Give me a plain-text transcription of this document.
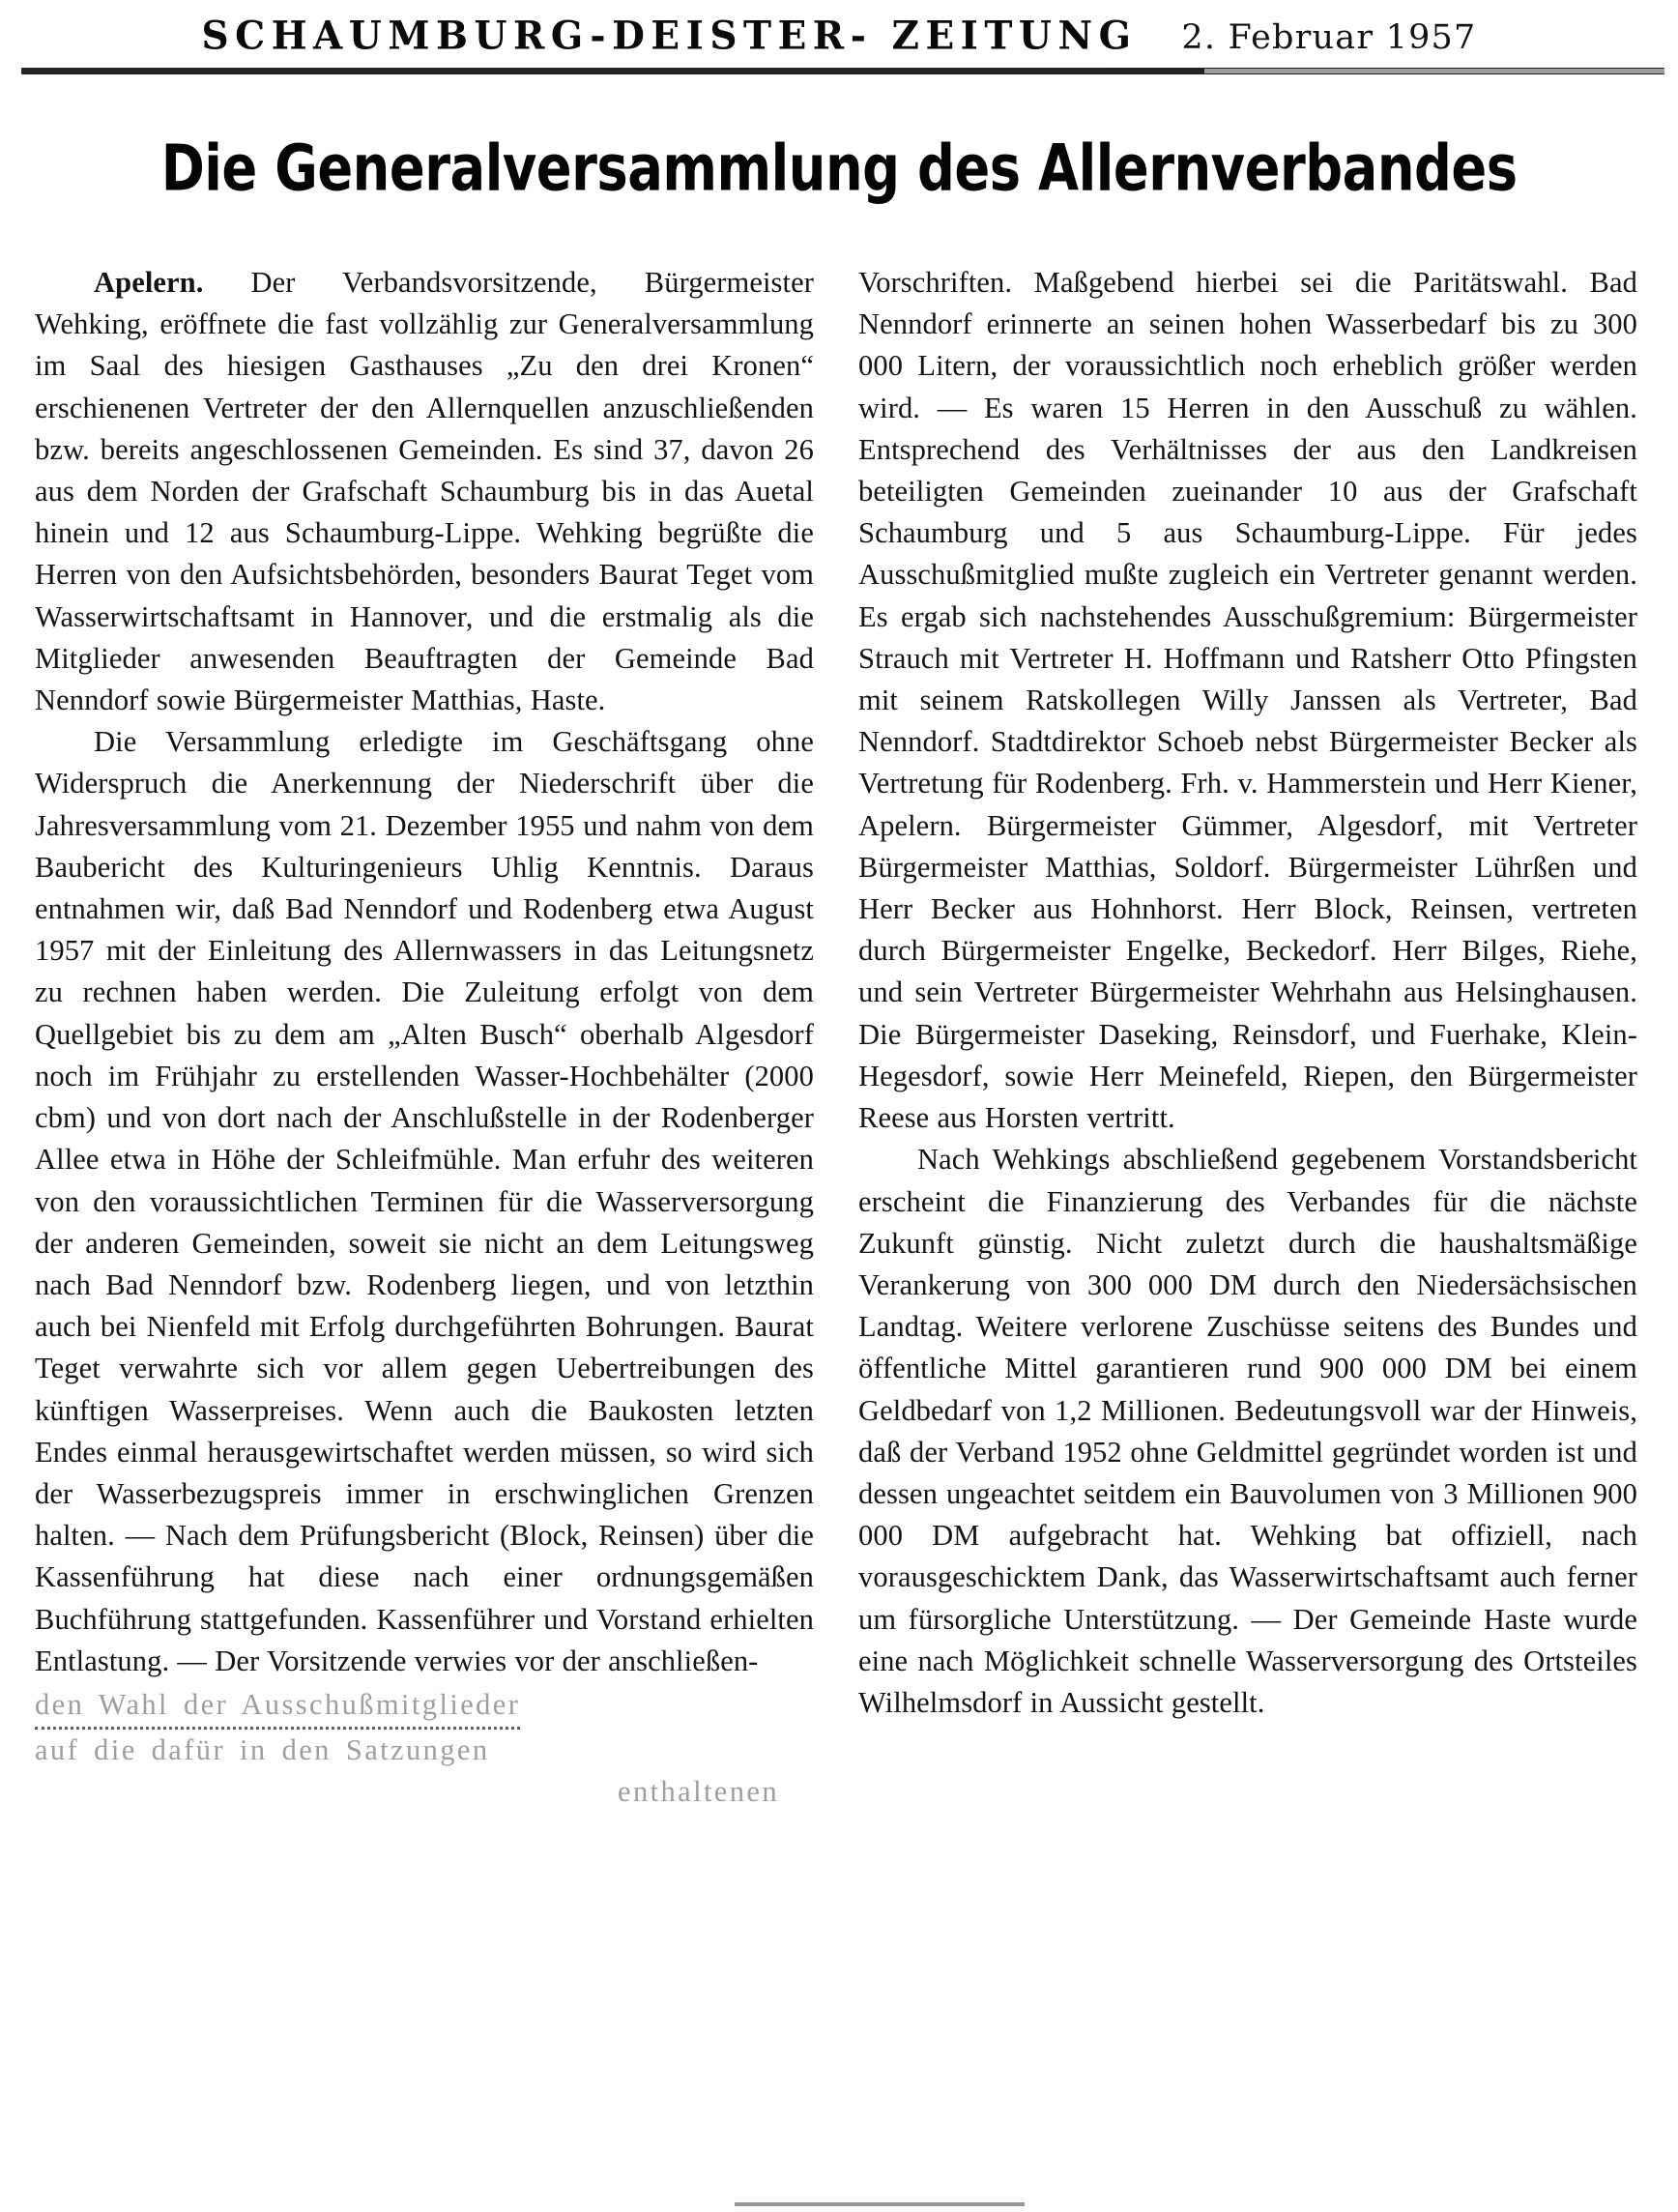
SCHAUMBURG-DEISTER- ZEITUNG 2. Februar 1957
Die Generalversammlung des Allernverbandes

Apelern. Der Verbandsvorsitzende, Bürgermeister Wehking, eröffnete die fast vollzählig zur Generalversammlung im Saal des hiesigen Gasthauses „Zu den drei Kronen“ erschienenen Vertreter der den Allernquellen anzuschließenden bzw. bereits angeschlossenen Gemeinden. Es sind 37, davon 26 aus dem Norden der Grafschaft Schaumburg bis in das Auetal hinein und 12 aus Schaumburg-Lippe. Wehking begrüßte die Herren von den Aufsichtsbehörden, besonders Baurat Teget vom Wasserwirtschaftsamt in Hannover, und die erstmalig als die Mitglieder anwesenden Beauftragten der Gemeinde Bad Nenndorf sowie Bürgermeister Matthias, Haste.

Die Versammlung erledigte im Geschäftsgang ohne Widerspruch die Anerkennung der Niederschrift über die Jahresversammlung vom 21. Dezember 1955 und nahm von dem Baubericht des Kulturingenieurs Uhlig Kenntnis. Daraus entnahmen wir, daß Bad Nenndorf und Rodenberg etwa August 1957 mit der Einleitung des Allernwassers in das Leitungsnetz zu rechnen haben werden. Die Zuleitung erfolgt von dem Quellgebiet bis zu dem am „Alten Busch“ oberhalb Algesdorf noch im Frühjahr zu erstellenden Wasser-Hochbehälter (2000 cbm) und von dort nach der Anschlußstelle in der Rodenberger Allee etwa in Höhe der Schleifmühle. Man erfuhr des weiteren von den voraussichtlichen Terminen für die Wasserversorgung der anderen Gemeinden, soweit sie nicht an dem Leitungsweg nach Bad Nenndorf bzw. Rodenberg liegen, und von letzthin auch bei Nienfeld mit Erfolg durchgeführten Bohrungen. Baurat Teget verwahrte sich vor allem gegen Uebertreibungen des künftigen Wasserpreises. Wenn auch die Baukosten letzten Endes einmal herausgewirtschaftet werden müssen, so wird sich der Wasserbezugspreis immer in erschwinglichen Grenzen halten. — Nach dem Prüfungsbericht (Block, Reinsen) über die Kassenführung hat diese nach einer ordnungsgemäßen Buchführung stattgefunden. Kassenführer und Vorstand erhielten Entlastung. — Der Vorsitzende verwies vor der anschließen-

den Wahl der Ausschußmitglieder
auf die dafür in den Satzungen
enthaltenen

Vorschriften. Maßgebend hierbei sei die Paritätswahl. Bad Nenndorf erinnerte an seinen hohen Wasserbedarf bis zu 300 000 Litern, der voraussichtlich noch erheblich größer werden wird. — Es waren 15 Herren in den Ausschuß zu wählen. Entsprechend des Verhältnisses der aus den Landkreisen beteiligten Gemeinden zueinander 10 aus der Grafschaft Schaumburg und 5 aus Schaumburg-Lippe. Für jedes Ausschußmitglied mußte zugleich ein Vertreter genannt werden. Es ergab sich nachstehendes Ausschußgremium: Bürgermeister Strauch mit Vertreter H. Hoffmann und Ratsherr Otto Pfingsten mit seinem Ratskollegen Willy Janssen als Vertreter, Bad Nenndorf. Stadtdirektor Schoeb nebst Bürgermeister Becker als Vertretung für Rodenberg. Frh. v. Hammerstein und Herr Kiener, Apelern. Bürgermeister Gümmer, Algesdorf, mit Vertreter Bürgermeister Matthias, Soldorf. Bürgermeister Lührßen und Herr Becker aus Hohnhorst. Herr Block, Reinsen, vertreten durch Bürgermeister Engelke, Beckedorf. Herr Bilges, Riehe, und sein Vertreter Bürgermeister Wehrhahn aus Helsinghausen. Die Bürgermeister Daseking, Reinsdorf, und Fuerhake, Klein-Hegesdorf, sowie Herr Meinefeld, Riepen, den Bürgermeister Reese aus Horsten vertritt.

Nach Wehkings abschließend gegebenem Vorstandsbericht erscheint die Finanzierung des Verbandes für die nächste Zukunft günstig. Nicht zuletzt durch die haushaltsmäßige Verankerung von 300 000 DM durch den Niedersächsischen Landtag. Weitere verlorene Zuschüsse seitens des Bundes und öffentliche Mittel garantieren rund 900 000 DM bei einem Geldbedarf von 1,2 Millionen. Bedeutungsvoll war der Hinweis, daß der Verband 1952 ohne Geldmittel gegründet worden ist und dessen ungeachtet seitdem ein Bauvolumen von 3 Millionen 900 000 DM aufgebracht hat. Wehking bat offiziell, nach vorausgeschicktem Dank, das Wasserwirtschaftsamt auch ferner um fürsorgliche Unterstützung. — Der Gemeinde Haste wurde eine nach Möglichkeit schnelle Wasserversorgung des Ortsteiles Wilhelmsdorf in Aussicht gestellt.
